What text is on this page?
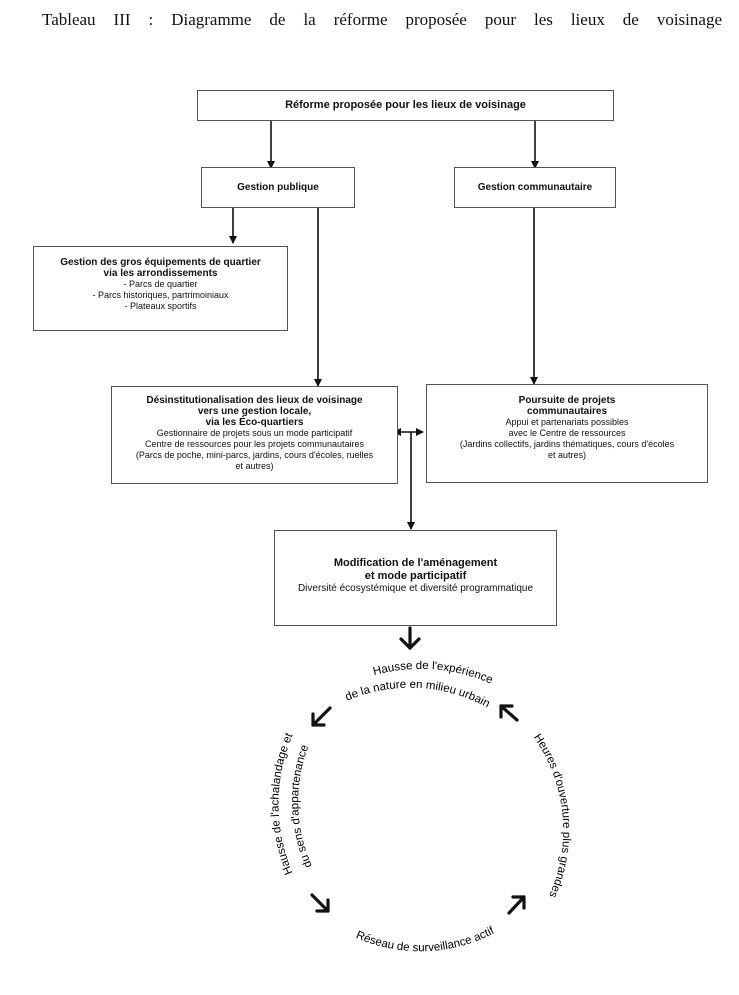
Tableau III : Diagramme de la réforme proposée pour les lieux de voisinage
Hausse de l'expérience
de la nature en milieu urbain
Hausse de l'achalandage et
du sens d'appartenance
Heures d'ouverture plus grandes
Réseau de surveillance actif
Réforme proposée pour les lieux de voisinage
Gestion publique	Gestion communautaire
Gestion des gros équipements de quartier
via les arrondissements
- Parcs de quartier
- Parcs historiques, partrimoiniaux
- Plateaux sportifs
Désinstitutionalisation des lieux de voisinage
vers une gestion locale,
via les Éco-quartiers
Gestionnaire de projets sous un mode participatif
Centre de ressources pour les projets communautaires
(Parcs de poche, mini-parcs, jardins, cours d'écoles, ruelles
et autres)
Poursuite de projets
communautaires
Appui et partenariats possibles
avec le Centre de ressources
(Jardins collectifs, jardins thématiques, cours d'écoles
et autres)
Modification de l'aménagement
et mode participatif
Diversité écosystémique et diversité programmatique
